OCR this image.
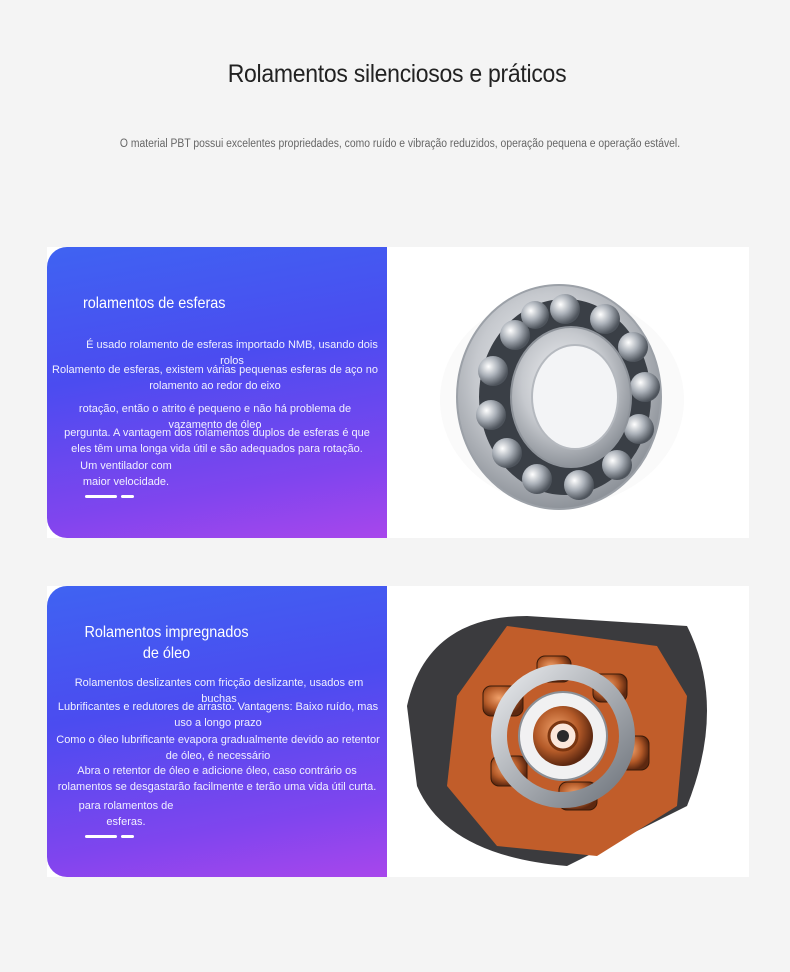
Rolamentos silenciosos e práticos
O material PBT possui excelentes propriedades, como ruído e vibração reduzidos, operação pequena e operação estável.
rolamentos de esferas
É usado rolamento de esferas importado NMB, usando dois rolos
Rolamento de esferas, existem várias pequenas esferas de aço no rolamento ao redor do eixo
rotação, então o atrito é pequeno e não há problema de vazamento de óleo
pergunta. A vantagem dos rolamentos duplos de esferas é que eles têm uma longa vida útil e são adequados para rotação.
Um ventilador com maior velocidade.
Rolamentos impregnados de óleo
Rolamentos deslizantes com fricção deslizante, usados em buchas
Lubrificantes e redutores de arrasto. Vantagens: Baixo ruído, mas uso a longo prazo
Como o óleo lubrificante evapora gradualmente devido ao retentor de óleo, é necessário
Abra o retentor de óleo e adicione óleo, caso contrário os rolamentos se desgastarão facilmente e terão uma vida útil curta.
para rolamentos de esferas.
